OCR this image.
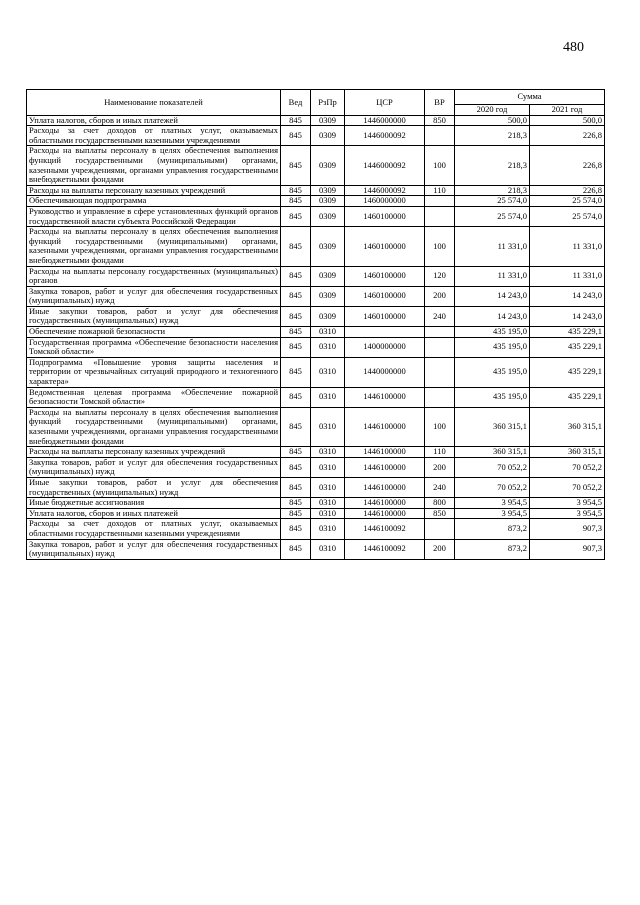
480
Наименование показателей	Вед	РзПр	ЦСР	ВР	Сумма	
					2020 год	2021 год
Уплата налогов, сборов и иных платежей	845	0309	1446000000	850	500,0	500,0
Расходы за счет доходов от платных услуг, оказываемых областными государственными казенными учреждениями	845	0309	1446000092		218,3	226,8
Расходы на выплаты персоналу в целях обеспечения выполнения функций государственными (муниципальными) органами, казенными учреждениями, органами управления государственными внебюджетными фондами	845	0309	1446000092	100	218,3	226,8
Расходы на выплаты персоналу казенных учреждений	845	0309	1446000092	110	218,3	226,8
Обеспечивающая подпрограмма	845	0309	1460000000		25 574,0	25 574,0
Руководство и управление в сфере установленных функций органов государственной власти субъекта Российской Федерации	845	0309	1460100000		25 574,0	25 574,0
Расходы на выплаты персоналу в целях обеспечения выполнения функций государственными (муниципальными) органами, казенными учреждениями, органами управления государственными внебюджетными фондами	845	0309	1460100000	100	11 331,0	11 331,0
Расходы на выплаты персоналу государственных (муниципальных) органов	845	0309	1460100000	120	11 331,0	11 331,0
Закупка товаров, работ и услуг для обеспечения государственных (муниципальных) нужд	845	0309	1460100000	200	14 243,0	14 243,0
Иные закупки товаров, работ и услуг для обеспечения государственных (муниципальных) нужд	845	0309	1460100000	240	14 243,0	14 243,0
Обеспечение пожарной безопасности	845	0310			435 195,0	435 229,1
Государственная программа «Обеспечение безопасности населения Томской области»	845	0310	1400000000		435 195,0	435 229,1
Подпрограмма «Повышение уровня защиты населения и территории от чрезвычайных ситуаций природного и техногенного характера»	845	0310	1440000000		435 195,0	435 229,1
Ведомственная целевая программа «Обеспечение пожарной безопасности Томской области»	845	0310	1446100000		435 195,0	435 229,1
Расходы на выплаты персоналу в целях обеспечения выполнения функций государственными (муниципальными) органами, казенными учреждениями, органами управления государственными внебюджетными фондами	845	0310	1446100000	100	360 315,1	360 315,1
Расходы на выплаты персоналу казенных учреждений	845	0310	1446100000	110	360 315,1	360 315,1
Закупка товаров, работ и услуг для обеспечения государственных (муниципальных) нужд	845	0310	1446100000	200	70 052,2	70 052,2
Иные закупки товаров, работ и услуг для обеспечения государственных (муниципальных) нужд	845	0310	1446100000	240	70 052,2	70 052,2
Иные бюджетные ассигнования	845	0310	1446100000	800	3 954,5	3 954,5
Уплата налогов, сборов и иных платежей	845	0310	1446100000	850	3 954,5	3 954,5
Расходы за счет доходов от платных услуг, оказываемых областными государственными казенными учреждениями	845	0310	1446100092		873,2	907,3
Закупка товаров, работ и услуг для обеспечения государственных (муниципальных) нужд	845	0310	1446100092	200	873,2	907,3
